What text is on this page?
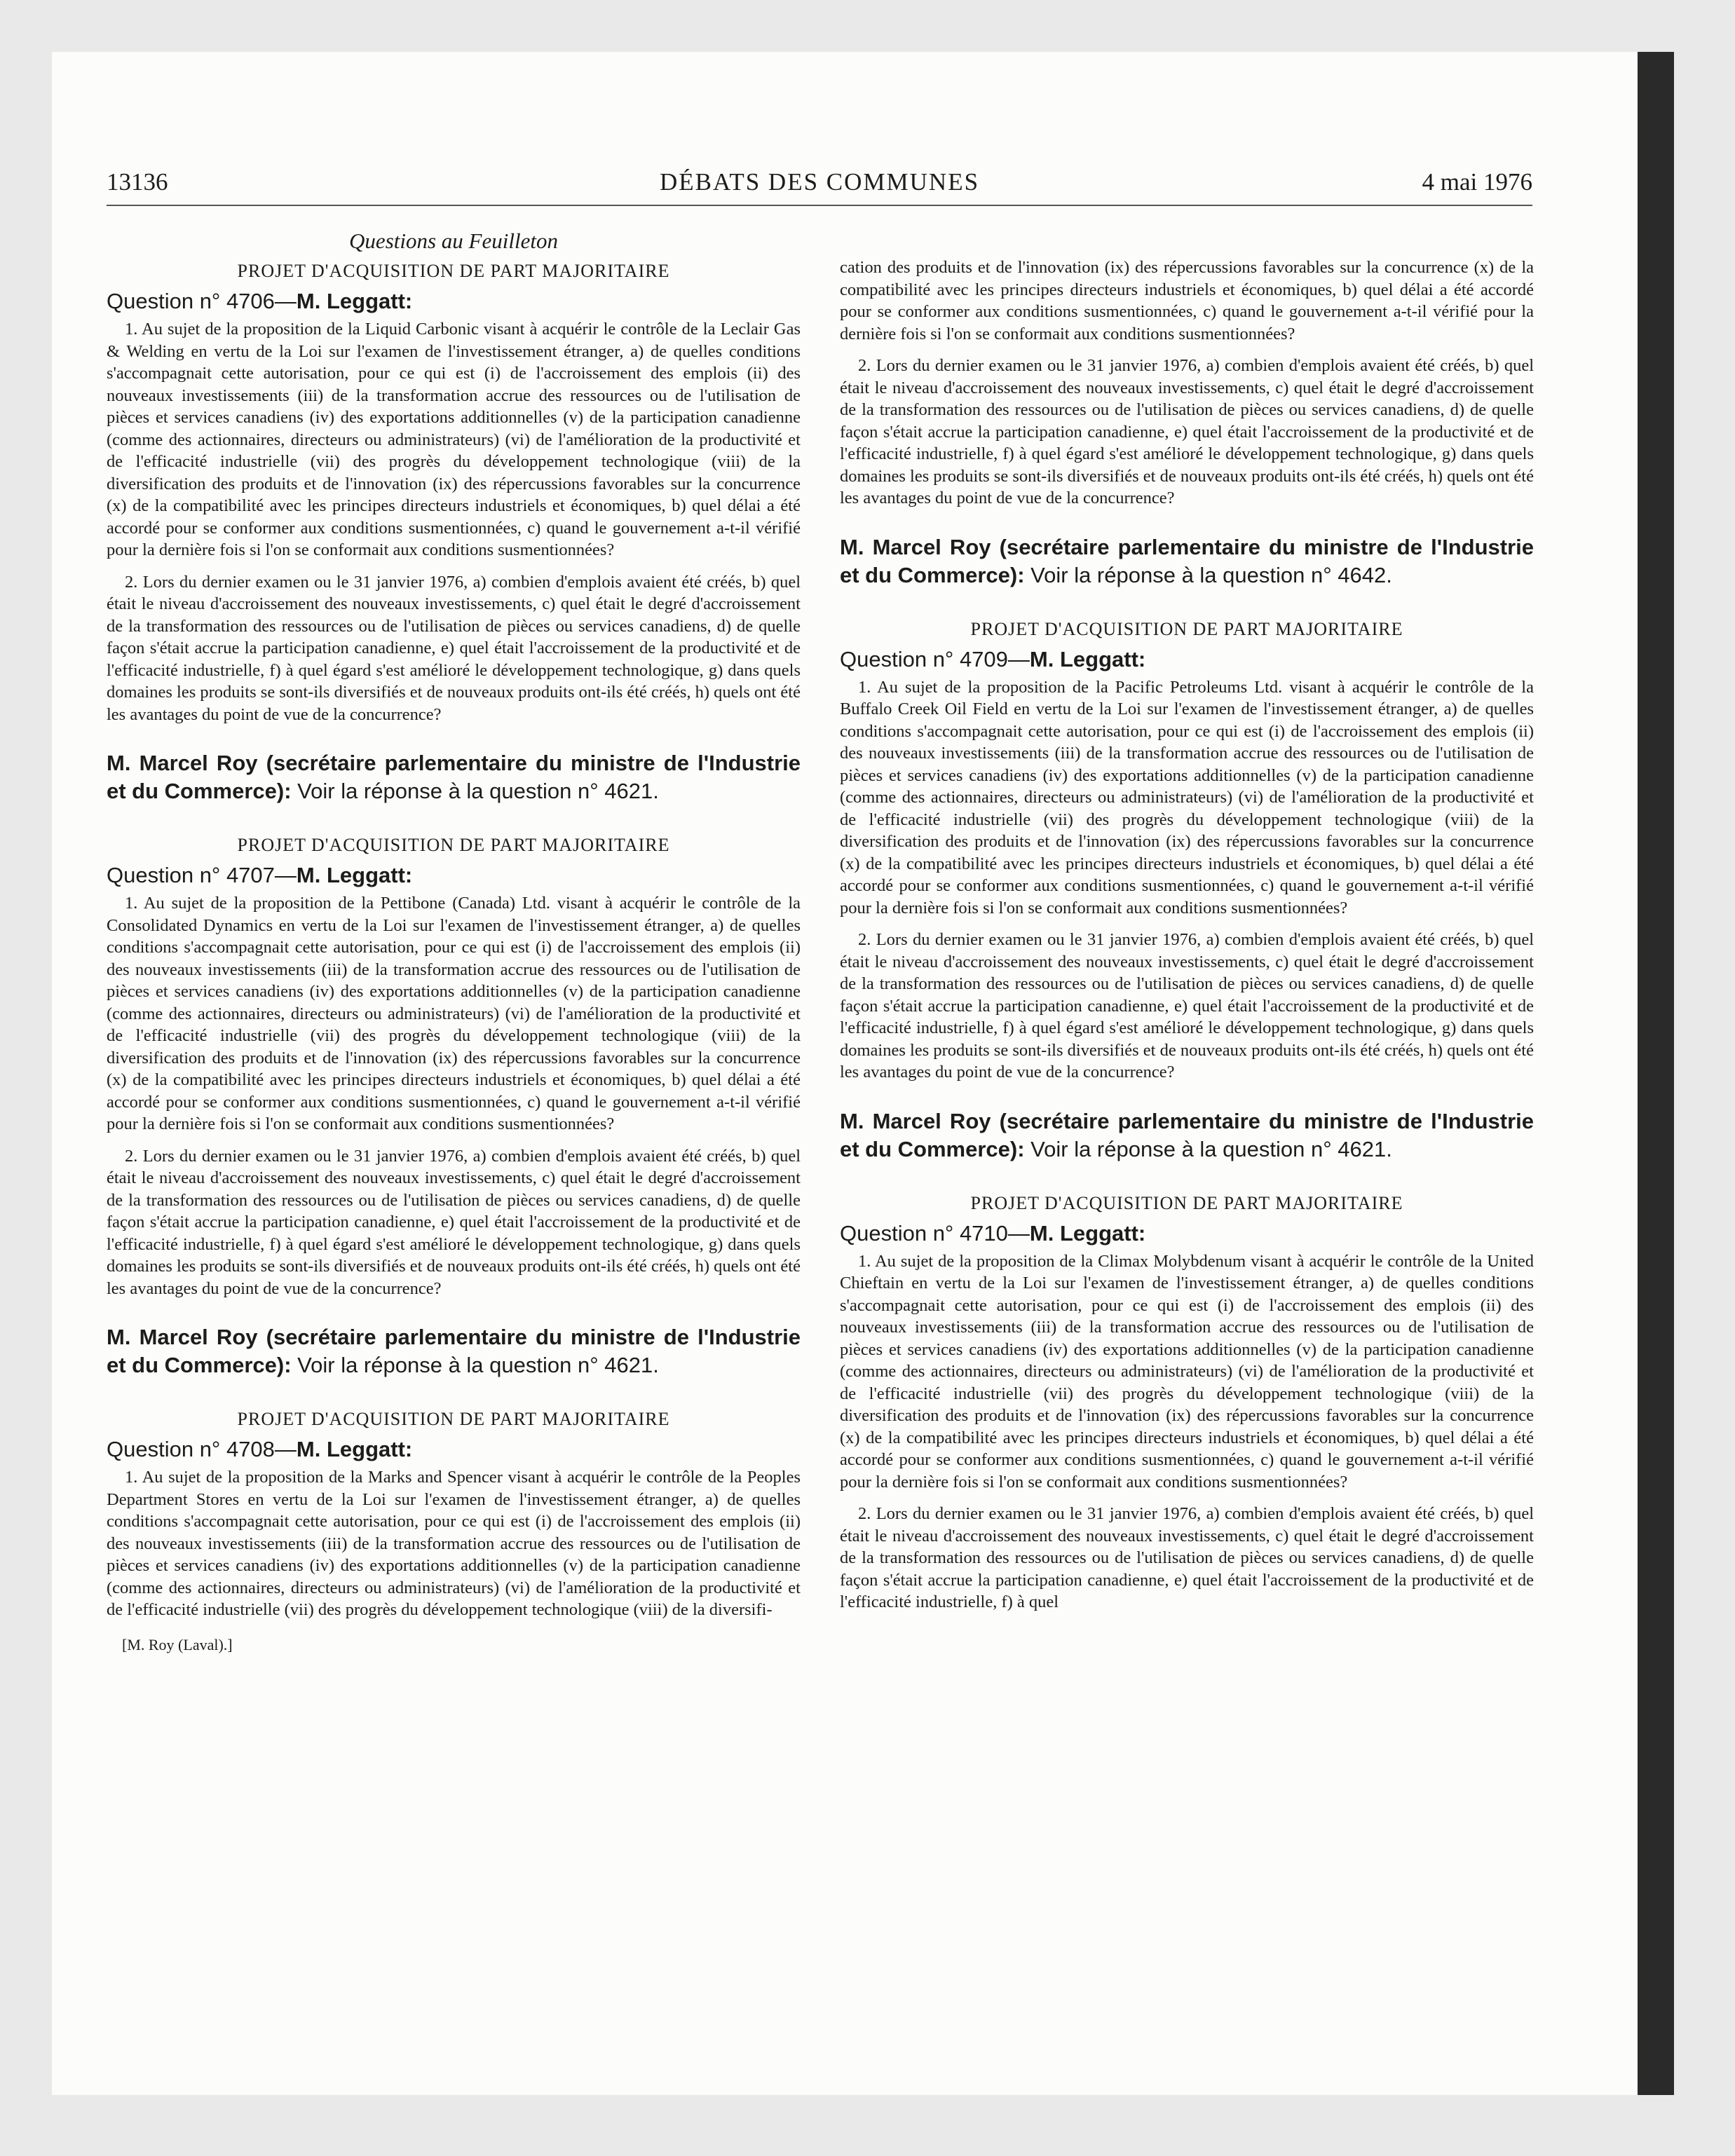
13136	DÉBATS DES COMMUNES	4 mai 1976
Questions au Feuilleton
PROJET D'ACQUISITION DE PART MAJORITAIRE
Question n° 4706—M. Leggatt:

1. Au sujet de la proposition de la Liquid Carbonic visant à acquérir le contrôle de la Leclair Gas & Welding en vertu de la Loi sur l'examen de l'investissement étranger, a) de quelles conditions s'accompagnait cette autorisation, pour ce qui est (i) de l'accroissement des emplois (ii) des nouveaux investissements (iii) de la transformation accrue des ressources ou de l'utilisation de pièces et services canadiens (iv) des exportations additionnelles (v) de la participation canadienne (comme des actionnaires, directeurs ou administrateurs) (vi) de l'amélioration de la productivité et de l'efficacité industrielle (vii) des progrès du développement technologique (viii) de la diversification des produits et de l'innovation (ix) des répercussions favorables sur la concurrence (x) de la compatibilité avec les principes directeurs industriels et économiques, b) quel délai a été accordé pour se conformer aux conditions susmentionnées, c) quand le gouvernement a-t-il vérifié pour la dernière fois si l'on se conformait aux conditions susmentionnées?

2. Lors du dernier examen ou le 31 janvier 1976, a) combien d'emplois avaient été créés, b) quel était le niveau d'accroissement des nouveaux investissements, c) quel était le degré d'accroissement de la transformation des ressources ou de l'utilisation de pièces ou services canadiens, d) de quelle façon s'était accrue la participation canadienne, e) quel était l'accroissement de la productivité et de l'efficacité industrielle, f) à quel égard s'est amélioré le développement technologique, g) dans quels domaines les produits se sont-ils diversifiés et de nouveaux produits ont-ils été créés, h) quels ont été les avantages du point de vue de la concurrence?

M. Marcel Roy (secrétaire parlementaire du ministre de l'Industrie et du Commerce): Voir la réponse à la question n° 4621.

PROJET D'ACQUISITION DE PART MAJORITAIRE
Question n° 4707—M. Leggatt:

1. Au sujet de la proposition de la Pettibone (Canada) Ltd. visant à acquérir le contrôle de la Consolidated Dynamics en vertu de la Loi sur l'examen de l'investissement étranger, a) de quelles conditions s'accompagnait cette autorisation, pour ce qui est (i) de l'accroissement des emplois (ii) des nouveaux investissements (iii) de la transformation accrue des ressources ou de l'utilisation de pièces et services canadiens (iv) des exportations additionnelles (v) de la participation canadienne (comme des actionnaires, directeurs ou administrateurs) (vi) de l'amélioration de la productivité et de l'efficacité industrielle (vii) des progrès du développement technologique (viii) de la diversification des produits et de l'innovation (ix) des répercussions favorables sur la concurrence (x) de la compatibilité avec les principes directeurs industriels et économiques, b) quel délai a été accordé pour se conformer aux conditions susmentionnées, c) quand le gouvernement a-t-il vérifié pour la dernière fois si l'on se conformait aux conditions susmentionnées?

2. Lors du dernier examen ou le 31 janvier 1976, a) combien d'emplois avaient été créés, b) quel était le niveau d'accroissement des nouveaux investissements, c) quel était le degré d'accroissement de la transformation des ressources ou de l'utilisation de pièces ou services canadiens, d) de quelle façon s'était accrue la participation canadienne, e) quel était l'accroissement de la productivité et de l'efficacité industrielle, f) à quel égard s'est amélioré le développement technologique, g) dans quels domaines les produits se sont-ils diversifiés et de nouveaux produits ont-ils été créés, h) quels ont été les avantages du point de vue de la concurrence?

M. Marcel Roy (secrétaire parlementaire du ministre de l'Industrie et du Commerce): Voir la réponse à la question n° 4621.

PROJET D'ACQUISITION DE PART MAJORITAIRE
Question n° 4708—M. Leggatt:

1. Au sujet de la proposition de la Marks and Spencer visant à acquérir le contrôle de la Peoples Department Stores en vertu de la Loi sur l'examen de l'investissement étranger, a) de quelles conditions s'accompagnait cette autorisation, pour ce qui est (i) de l'accroissement des emplois (ii) des nouveaux investissements (iii) de la transformation accrue des ressources ou de l'utilisation de pièces et services canadiens (iv) des exportations additionnelles (v) de la participation canadienne (comme des actionnaires, directeurs ou administrateurs) (vi) de l'amélioration de la productivité et de l'efficacité industrielle (vii) des progrès du développement technologique (viii) de la diversifi-

[M. Roy (Laval).]

cation des produits et de l'innovation (ix) des répercussions favorables sur la concurrence (x) de la compatibilité avec les principes directeurs industriels et économiques, b) quel délai a été accordé pour se conformer aux conditions susmentionnées, c) quand le gouvernement a-t-il vérifié pour la dernière fois si l'on se conformait aux conditions susmentionnées?

2. Lors du dernier examen ou le 31 janvier 1976, a) combien d'emplois avaient été créés, b) quel était le niveau d'accroissement des nouveaux investissements, c) quel était le degré d'accroissement de la transformation des ressources ou de l'utilisation de pièces ou services canadiens, d) de quelle façon s'était accrue la participation canadienne, e) quel était l'accroissement de la productivité et de l'efficacité industrielle, f) à quel égard s'est amélioré le développement technologique, g) dans quels domaines les produits se sont-ils diversifiés et de nouveaux produits ont-ils été créés, h) quels ont été les avantages du point de vue de la concurrence?

M. Marcel Roy (secrétaire parlementaire du ministre de l'Industrie et du Commerce): Voir la réponse à la question n° 4642.

PROJET D'ACQUISITION DE PART MAJORITAIRE
Question n° 4709—M. Leggatt:

1. Au sujet de la proposition de la Pacific Petroleums Ltd. visant à acquérir le contrôle de la Buffalo Creek Oil Field en vertu de la Loi sur l'examen de l'investissement étranger, a) de quelles conditions s'accompagnait cette autorisation, pour ce qui est (i) de l'accroissement des emplois (ii) des nouveaux investissements (iii) de la transformation accrue des ressources ou de l'utilisation de pièces et services canadiens (iv) des exportations additionnelles (v) de la participation canadienne (comme des actionnaires, directeurs ou administrateurs) (vi) de l'amélioration de la productivité et de l'efficacité industrielle (vii) des progrès du développement technologique (viii) de la diversification des produits et de l'innovation (ix) des répercussions favorables sur la concurrence (x) de la compatibilité avec les principes directeurs industriels et économiques, b) quel délai a été accordé pour se conformer aux conditions susmentionnées, c) quand le gouvernement a-t-il vérifié pour la dernière fois si l'on se conformait aux conditions susmentionnées?

2. Lors du dernier examen ou le 31 janvier 1976, a) combien d'emplois avaient été créés, b) quel était le niveau d'accroissement des nouveaux investissements, c) quel était le degré d'accroissement de la transformation des ressources ou de l'utilisation de pièces ou services canadiens, d) de quelle façon s'était accrue la participation canadienne, e) quel était l'accroissement de la productivité et de l'efficacité industrielle, f) à quel égard s'est amélioré le développement technologique, g) dans quels domaines les produits se sont-ils diversifiés et de nouveaux produits ont-ils été créés, h) quels ont été les avantages du point de vue de la concurrence?

M. Marcel Roy (secrétaire parlementaire du ministre de l'Industrie et du Commerce): Voir la réponse à la question n° 4621.

PROJET D'ACQUISITION DE PART MAJORITAIRE
Question n° 4710—M. Leggatt:

1. Au sujet de la proposition de la Climax Molybdenum visant à acquérir le contrôle de la United Chieftain en vertu de la Loi sur l'examen de l'investissement étranger, a) de quelles conditions s'accompagnait cette autorisation, pour ce qui est (i) de l'accroissement des emplois (ii) des nouveaux investissements (iii) de la transformation accrue des ressources ou de l'utilisation de pièces et services canadiens (iv) des exportations additionnelles (v) de la participation canadienne (comme des actionnaires, directeurs ou administrateurs) (vi) de l'amélioration de la productivité et de l'efficacité industrielle (vii) des progrès du développement technologique (viii) de la diversification des produits et de l'innovation (ix) des répercussions favorables sur la concurrence (x) de la compatibilité avec les principes directeurs industriels et économiques, b) quel délai a été accordé pour se conformer aux conditions susmentionnées, c) quand le gouvernement a-t-il vérifié pour la dernière fois si l'on se conformait aux conditions susmentionnées?

2. Lors du dernier examen ou le 31 janvier 1976, a) combien d'emplois avaient été créés, b) quel était le niveau d'accroissement des nouveaux investissements, c) quel était le degré d'accroissement de la transformation des ressources ou de l'utilisation de pièces ou services canadiens, d) de quelle façon s'était accrue la participation canadienne, e) quel était l'accroissement de la productivité et de l'efficacité industrielle, f) à quel
